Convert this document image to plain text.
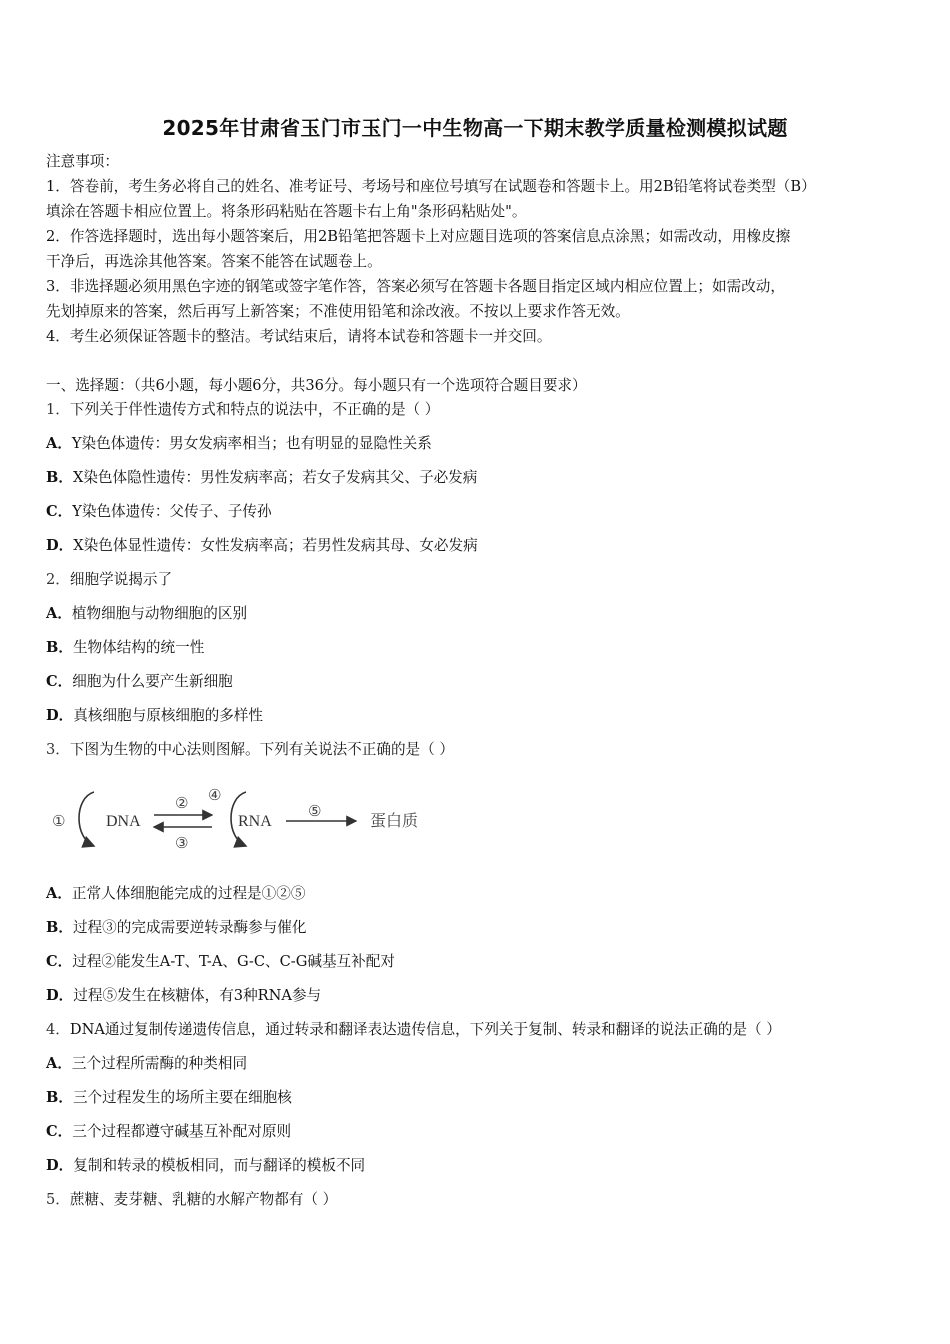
2025年甘肃省玉门市玉门一中生物高一下期末教学质量检测模拟试题
注意事项：
1．答卷前，考生务必将自己的姓名、准考证号、考场号和座位号填写在试题卷和答题卡上。用2B铅笔将试卷类型（B）
填涂在答题卡相应位置上。将条形码粘贴在答题卡右上角"条形码粘贴处"。
2．作答选择题时，选出每小题答案后，用2B铅笔把答题卡上对应题目选项的答案信息点涂黑；如需改动，用橡皮擦
干净后，再选涂其他答案。答案不能答在试题卷上。
3．非选择题必须用黑色字迹的钢笔或签字笔作答，答案必须写在答题卡各题目指定区域内相应位置上；如需改动，
先划掉原来的答案，然后再写上新答案；不准使用铅笔和涂改液。不按以上要求作答无效。
4．考生必须保证答题卡的整洁。考试结束后，请将本试卷和答题卡一并交回。
一、选择题：（共6小题，每小题6分，共36分。每小题只有一个选项符合题目要求）
1．下列关于伴性遗传方式和特点的说法中，不正确的是（ ）
A．Y染色体遗传：男女发病率相当；也有明显的显隐性关系
B．X染色体隐性遗传：男性发病率高；若女子发病其父、子必发病
C．Y染色体遗传：父传子、子传孙
D．X染色体显性遗传：女性发病率高；若男性发病其母、女必发病
2．细胞学说揭示了
A．植物细胞与动物细胞的区别
B．生物体结构的统一性
C．细胞为什么要产生新细胞
D．真核细胞与原核细胞的多样性
3．下图为生物的中心法则图解。下列有关说法不正确的是（ ）
①	DNA
②
③
④
RNA
⑤	蛋白质
A．正常人体细胞能完成的过程是①②⑤
B．过程③的完成需要逆转录酶参与催化
C．过程②能发生A-T、T-A、G-C、C-G碱基互补配对
D．过程⑤发生在核糖体，有3种RNA参与
4．DNA通过复制传递遗传信息，通过转录和翻译表达遗传信息，下列关于复制、转录和翻译的说法正确的是（ ）
A．三个过程所需酶的种类相同
B．三个过程发生的场所主要在细胞核
C．三个过程都遵守碱基互补配对原则
D．复制和转录的模板相同，而与翻译的模板不同
5．蔗糖、麦芽糖、乳糖的水解产物都有（ ）
